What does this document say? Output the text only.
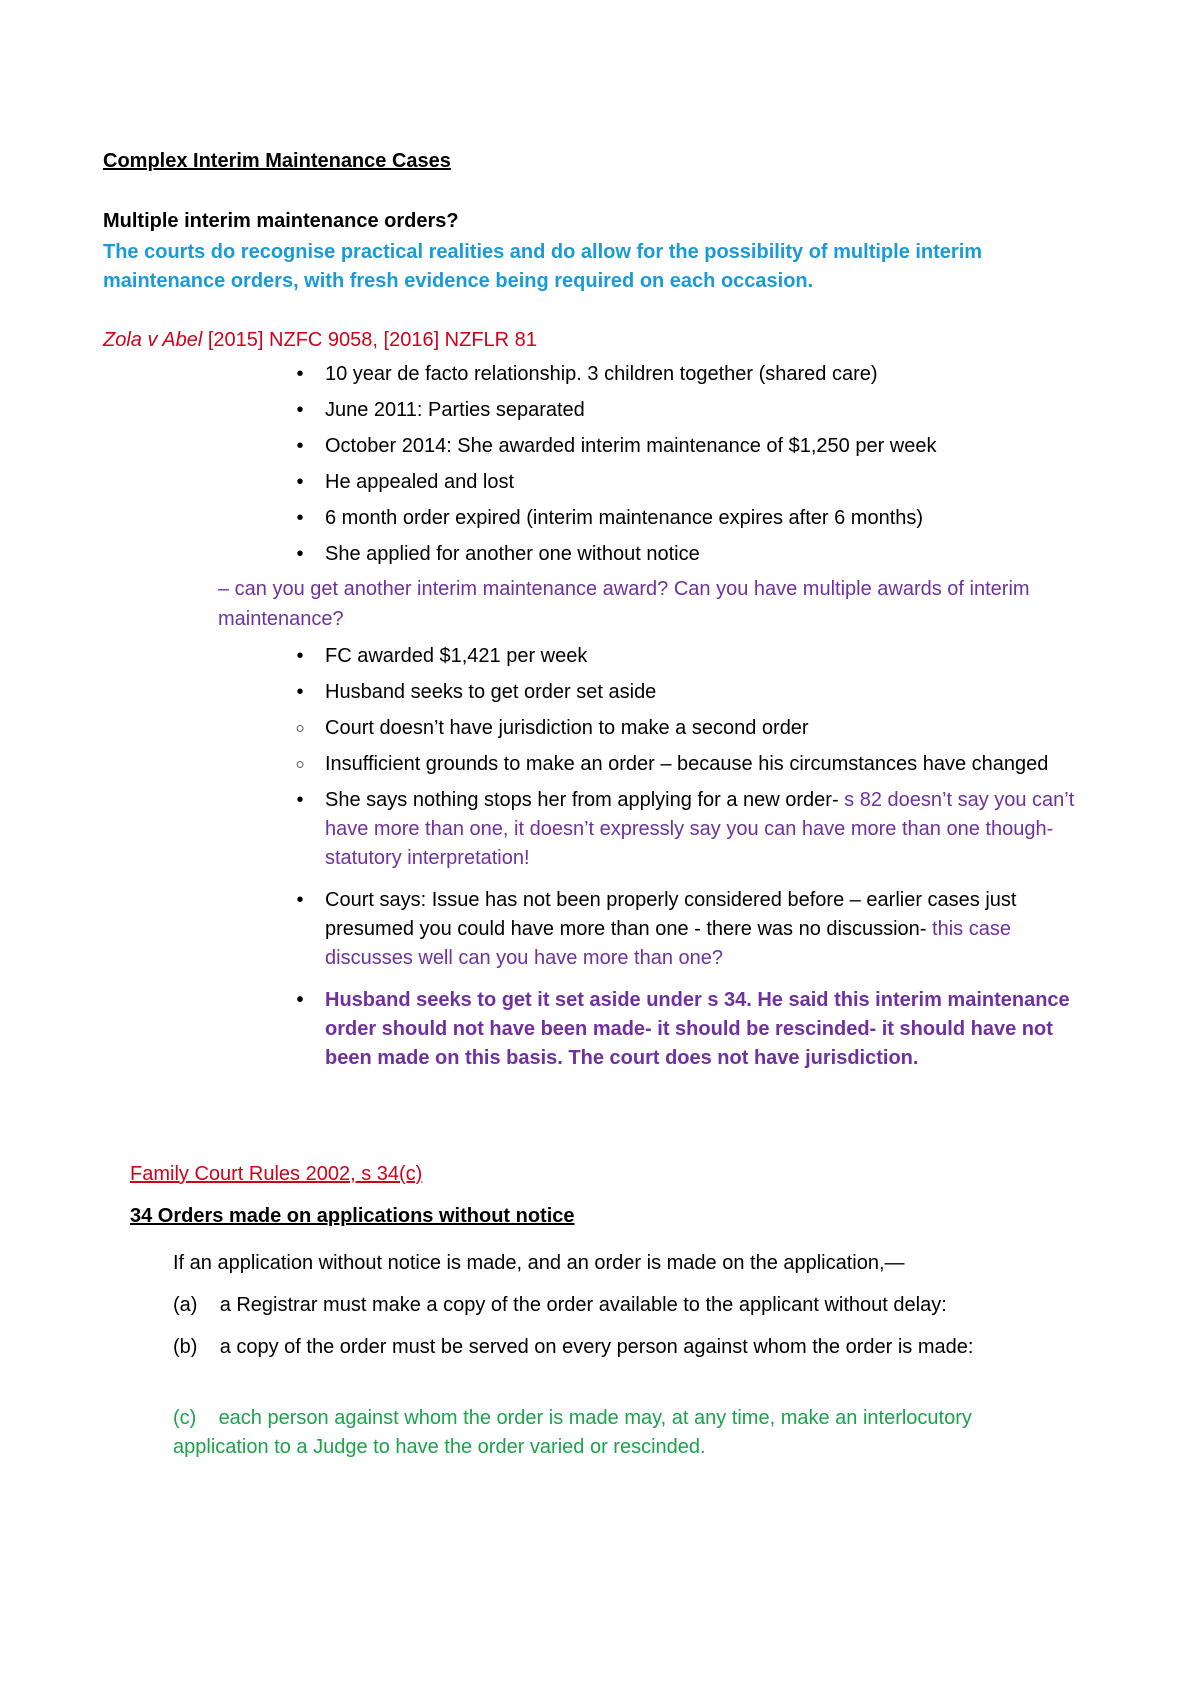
Complex Interim Maintenance Cases

Multiple interim maintenance orders?

The courts do recognise practical realities and do allow for the possibility of multiple interim maintenance orders, with fresh evidence being required on each occasion.

Zola v Abel [2015] NZFC 9058, [2016] NZFLR 81

•	10 year de facto relationship. 3 children together (shared care)
•	June 2011: Parties separated
•	October 2014: She awarded interim maintenance of $1,250 per week
•	He appealed and lost
•	6 month order expired (interim maintenance expires after 6 months)
•	She applied for another one without notice

– can you get another interim maintenance award? Can you have multiple awards of interim maintenance?

•	FC awarded $1,421 per week
•	Husband seeks to get order set aside
○ Court doesn’t have jurisdiction to make a second order
○ Insufficient grounds to make an order – because his circumstances have changed
•	She says nothing stops her from applying for a new order- s 82 doesn’t say you can’t have more than one, it doesn’t expressly say you can have more than one though- statutory interpretation!
•	Court says: Issue has not been properly considered before – earlier cases just presumed you could have more than one - there was no discussion- this case discusses well can you have more than one?
•	Husband seeks to get it set aside under s 34. He said this interim maintenance order should not have been made- it should be rescinded- it should have not been made on this basis. The court does not have jurisdiction.

Family Court Rules 2002, s 34(c)

34 Orders made on applications without notice

If an application without notice is made, and an order is made on the application,—

(a) a Registrar must make a copy of the order available to the applicant without delay:

(b) a copy of the order must be served on every person against whom the order is made:

(c) each person against whom the order is made may, at any time, make an interlocutory application to a Judge to have the order varied or rescinded.
